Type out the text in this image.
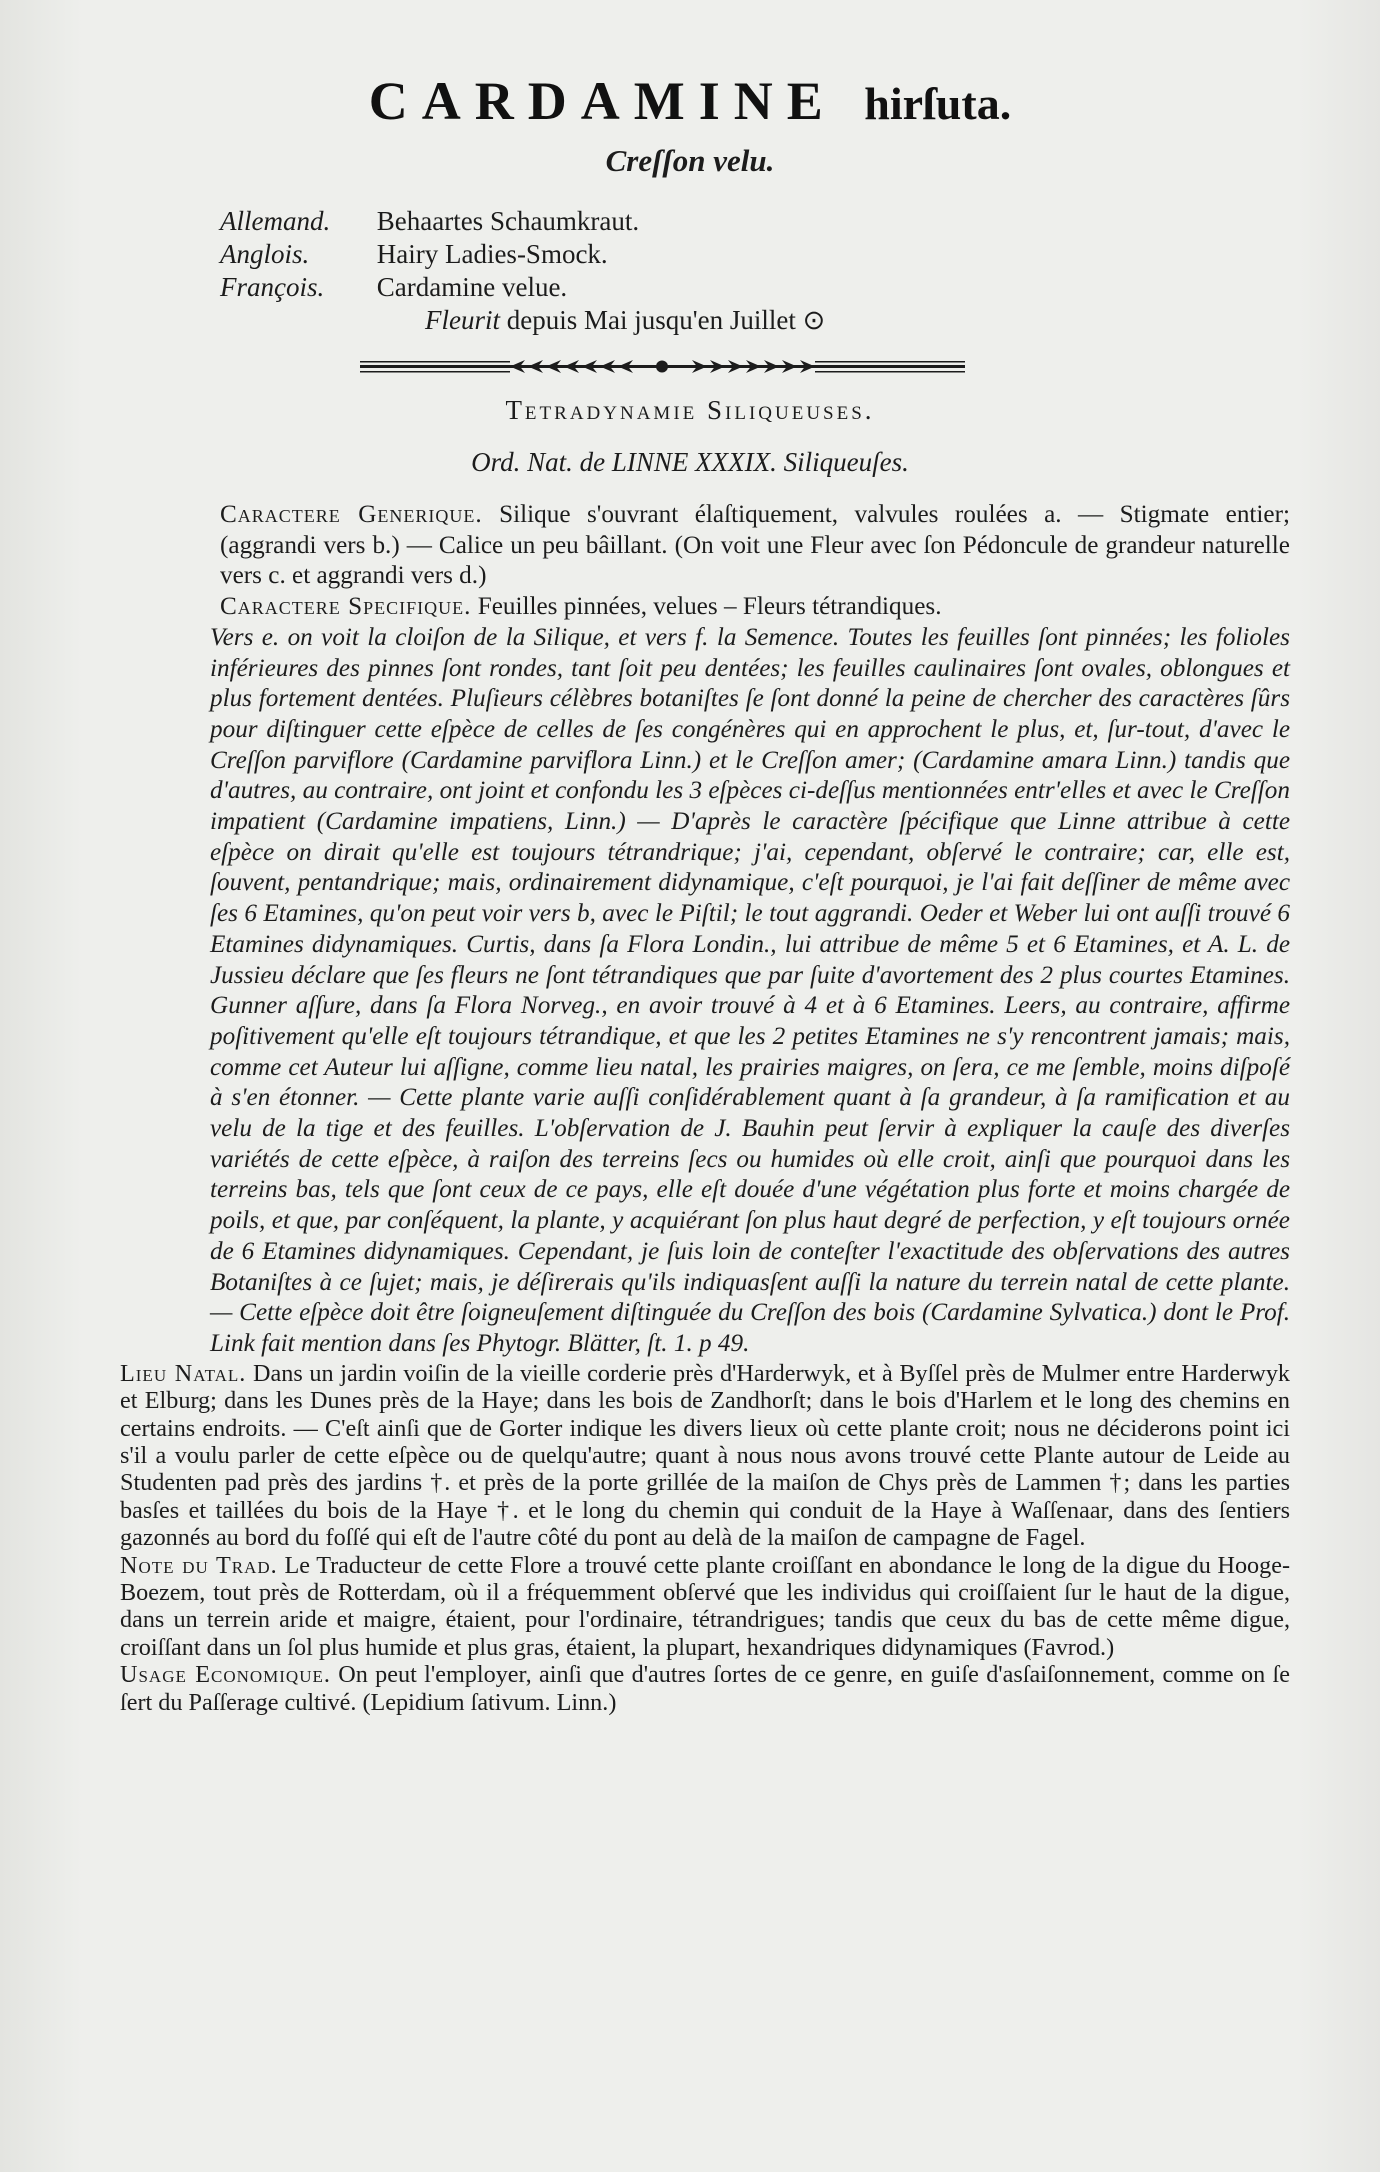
CARDAMINE hirſuta.
Creſſon velu.
Allemand. Behaartes Schaumkraut.
Anglois. Hairy Ladies-Smock.
François. Cardamine velue.
Fleurit depuis Mai jusqu'en Juillet ⊙
Tetradynamie Siliqueuses.
Ord. Nat. de LINNE XXXIX. Siliqueuſes.

Caractere Generique. Silique s'ouvrant élaſtiquement, valvules roulées a. — Stigmate entier; (aggrandi vers b.) — Calice un peu bâillant. (On voit une Fleur avec ſon Pédoncule de grandeur naturelle vers c. et aggrandi vers d.)

Caractere Specifique. Feuilles pinnées, velues – Fleurs tétrandiques.

Vers e. on voit la cloiſon de la Silique, et vers f. la Semence. Toutes les feuilles ſont pinnées; les folioles inférieures des pinnes ſont rondes, tant ſoit peu dentées; les feuilles caulinaires ſont ovales, oblongues et plus fortement dentées. Pluſieurs célèbres botaniſtes ſe ſont donné la peine de chercher des caractères ſûrs pour diſtinguer cette eſpèce de celles de ſes congénères qui en approchent le plus, et, ſur-tout, d'avec le Creſſon parviflore (Cardamine parviflora Linn.) et le Creſſon amer; (Cardamine amara Linn.) tandis que d'autres, au contraire, ont joint et confondu les 3 eſpèces ci-deſſus mentionnées entr'elles et avec le Creſſon impatient (Cardamine impatiens, Linn.) — D'après le caractère ſpécifique que Linne attribue à cette eſpèce on dirait qu'elle est toujours tétrandrique; j'ai, cependant, obſervé le contraire; car, elle est, ſouvent, pentandrique; mais, ordinairement didynamique, c'eſt pourquoi, je l'ai fait deſſiner de même avec ſes 6 Etamines, qu'on peut voir vers b, avec le Piſtil; le tout aggrandi. Oeder et Weber lui ont auſſi trouvé 6 Etamines didynamiques. Curtis, dans ſa Flora Londin., lui attribue de même 5 et 6 Etamines, et A. L. de Jussieu déclare que ſes fleurs ne ſont tétrandiques que par ſuite d'avortement des 2 plus courtes Etamines. Gunner aſſure, dans ſa Flora Norveg., en avoir trouvé à 4 et à 6 Etamines. Leers, au contraire, affirme poſitivement qu'elle eſt toujours tétrandique, et que les 2 petites Etamines ne s'y rencontrent jamais; mais, comme cet Auteur lui aſſigne, comme lieu natal, les prairies maigres, on ſera, ce me ſemble, moins diſpoſé à s'en étonner. — Cette plante varie auſſi conſidérablement quant à ſa grandeur, à ſa ramification et au velu de la tige et des feuilles. L'obſervation de J. Bauhin peut ſervir à expliquer la cauſe des diverſes variétés de cette eſpèce, à raiſon des terreins ſecs ou humides où elle croit, ainſi que pourquoi dans les terreins bas, tels que ſont ceux de ce pays, elle eſt douée d'une végétation plus forte et moins chargée de poils, et que, par conſéquent, la plante, y acquiérant ſon plus haut degré de perfection, y eſt toujours ornée de 6 Etamines didynamiques. Cependant, je ſuis loin de conteſter l'exactitude des obſervations des autres Botaniſtes à ce ſujet; mais, je déſirerais qu'ils indiquasſent auſſi la nature du terrein natal de cette plante. — Cette eſpèce doit être ſoigneuſement diſtinguée du Creſſon des bois (Cardamine Sylvatica.) dont le Prof. Link fait mention dans ſes Phytogr. Blätter, ſt. 1. p 49.

Lieu Natal. Dans un jardin voiſin de la vieille corderie près d'Harderwyk, et à Byſſel près de Mulmer entre Harderwyk et Elburg; dans les Dunes près de la Haye; dans les bois de Zandhorſt; dans le bois d'Harlem et le long des chemins en certains endroits. — C'eſt ainſi que de Gorter indique les divers lieux où cette plante croit; nous ne déciderons point ici s'il a voulu parler de cette eſpèce ou de quelqu'autre; quant à nous nous avons trouvé cette Plante autour de Leide au Studenten pad près des jardins †. et près de la porte grillée de la maiſon de Chys près de Lammen †; dans les parties basſes et taillées du bois de la Haye †. et le long du chemin qui conduit de la Haye à Waſſenaar, dans des ſentiers gazonnés au bord du foſſé qui eſt de l'autre côté du pont au delà de la maiſon de campagne de Fagel.

Note du Trad. Le Traducteur de cette Flore a trouvé cette plante croiſſant en abondance le long de la digue du Hooge-Boezem, tout près de Rotterdam, où il a fréquemment obſervé que les individus qui croiſſaient ſur le haut de la digue, dans un terrein aride et maigre, étaient, pour l'ordinaire, tétrandrigues; tandis que ceux du bas de cette même digue, croiſſant dans un ſol plus humide et plus gras, étaient, la plupart, hexandriques didynamiques (Favrod.)

Usage Economique. On peut l'employer, ainſi que d'autres ſortes de ce genre, en guiſe d'asſaiſonnement, comme on ſe ſert du Paſſerage cultivé. (Lepidium ſativum. Linn.)
